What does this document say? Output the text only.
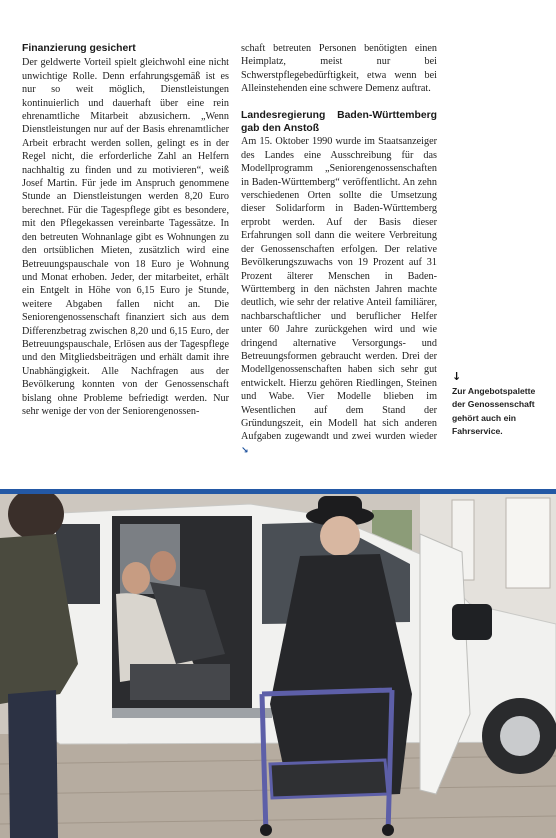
Finanzierung gesichert

Der geldwerte Vorteil spielt gleichwohl eine nicht unwichtige Rolle. Denn erfahrungsgemäß ist es nur so weit möglich, Dienstleistungen kontinuierlich und dauerhaft über eine rein ehrenamtliche Mitarbeit abzusichern. „Wenn Dienstleistungen nur auf der Basis ehrenamtlicher Arbeit erbracht werden sollen, gelingt es in der Regel nicht, die erforderliche Zahl an Helfern nachhaltig zu finden und zu motivieren“, weiß Josef Martin. Für jede im Anspruch genommene Stunde an Dienstleistungen werden 8,20 Euro berechnet. Für die Tagespflege gibt es besondere, mit den Pflegekassen vereinbarte Tagessätze. In den betreuten Wohnanlage gibt es Wohnungen zu den ortsüblichen Mieten, zusätzlich wird eine Betreuungspauschale von 18 Euro je Wohnung und Monat erhoben. Jeder, der mitarbeitet, erhält ein Entgelt in Höhe von 6,15 Euro je Stunde, weitere Abgaben fallen nicht an. Die Seniorengenossenschaft finanziert sich aus dem Differenzbetrag zwischen 8,20 und 6,15 Euro, der Betreuungspauschale, Erlösen aus der Tagespflege und den Mitgliedsbeiträgen und erhält damit ihre Unabhängigkeit. Alle Nachfragen aus der Bevölkerung konnten von der Genossenschaft bislang ohne Probleme befriedigt werden. Nur sehr wenige der von der Seniorengenossen-

schaft betreuten Personen benötigten einen Heimplatz, meist nur bei Schwerstpflegebedürftigkeit, etwa wenn bei Alleinstehenden eine schwere Demenz auftrat.

Landesregierung Baden-Württemberg gab den Anstoß

Am 15. Oktober 1990 wurde im Staatsanzeiger des Landes eine Ausschreibung für das Modellprogramm „Seniorengenossenschaften in Baden-Württemberg“ veröffentlicht. An zehn verschiedenen Orten sollte die Umsetzung dieser Solidarform in Baden-Württemberg erprobt werden. Auf der Basis dieser Erfahrungen soll dann die weitere Verbreitung der Genossenschaften erfolgen. Der relative Bevölkerungszuwachs von 19 Prozent auf 31 Prozent älterer Menschen in Baden-Württemberg in den nächsten Jahren machte deutlich, wie sehr der relative Anteil familiärer, nachbarschaftlicher und beruflicher Helfer unter 60 Jahre zurückgehen wird und wie dringend alternative Versorgungs- und Betreuungsformen gebraucht werden. Drei der Modellgenossenschaften haben sich sehr gut entwickelt. Hierzu gehören Riedlingen, Steinen und Wabe. Vier Modelle blieben im Wesentlichen auf dem Stand der Gründungszeit, ein Modell hat sich anderen Aufgaben zugewandt und zwei wurden wieder ↘

↓
Zur Angebotspalette der Genossenschaft gehört auch ein Fahrservice.
